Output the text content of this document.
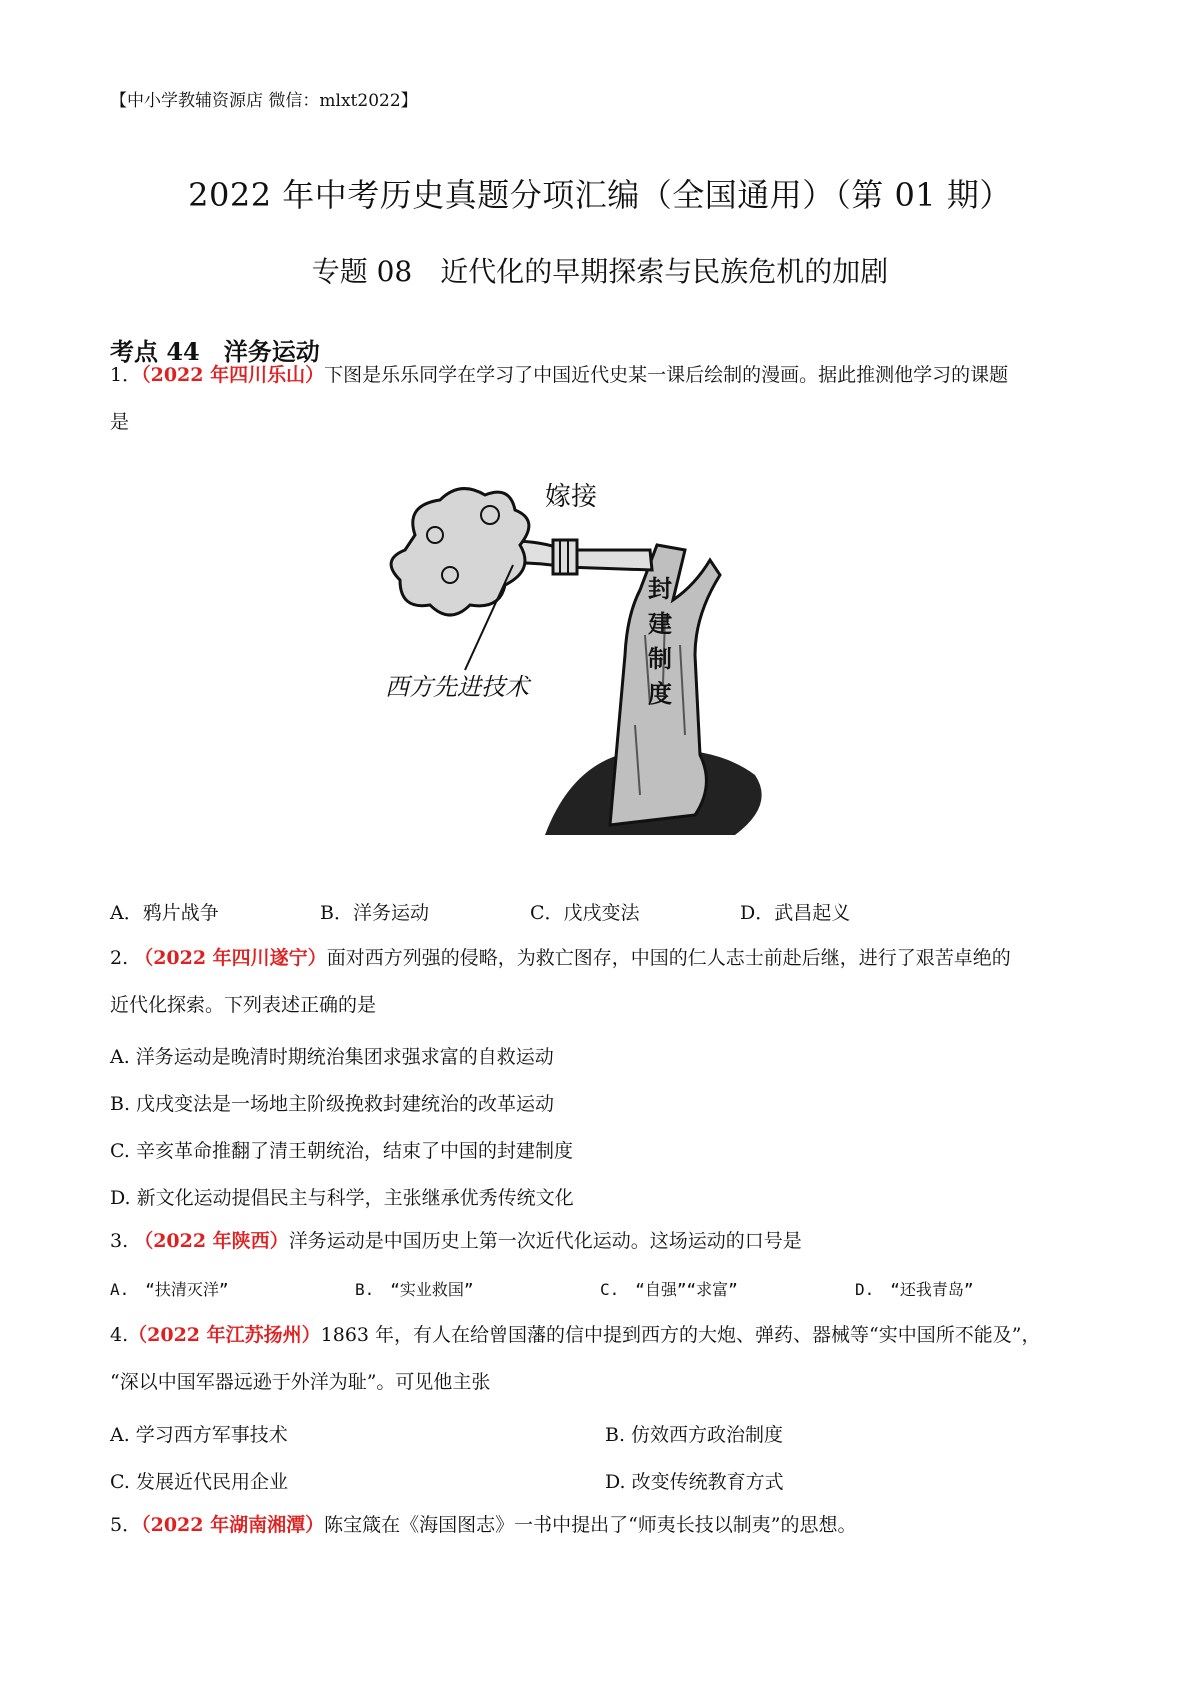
【中小学教辅资源店 微信：mlxt2022】
2022 年中考历史真题分项汇编（全国通用）（第 01 期）
专题 08　近代化的早期探索与民族危机的加剧
考点 44　洋务运动
1．（2022 年四川乐山）下图是乐乐同学在学习了中国近代史某一课后绘制的漫画。据此推测他学习的课题
是
嫁接
封
建
制
度
西方先进技术
A．鸦片战争	B．洋务运动	C．戊戌变法	D．武昌起义
2. （2022 年四川遂宁）面对西方列强的侵略，为救亡图存，中国的仁人志士前赴后继，进行了艰苦卓绝的
近代化探索。下列表述正确的是
A. 洋务运动是晚清时期统治集团求强求富的自救运动
B. 戊戌变法是一场地主阶级挽救封建统治的改革运动
C. 辛亥革命推翻了清王朝统治，结束了中国的封建制度
D. 新文化运动提倡民主与科学，主张继承优秀传统文化
3. （2022 年陕西）洋务运动是中国历史上第一次近代化运动。这场运动的口号是
A.　“扶清灭洋”	B.　“实业救国”	C.　“自强”“求富”	D.　“还我青岛”
4.（2022 年江苏扬州）1863 年，有人在给曾国藩的信中提到西方的大炮、弹药、器械等“实中国所不能及”，
“深以中国军器远逊于外洋为耻”。可见他主张
A. 学习西方军事技术	B. 仿效西方政治制度
C. 发展近代民用企业	D. 改变传统教育方式
5．（2022 年湖南湘潭）陈宝箴在《海国图志》一书中提出了“师夷长技以制夷”的思想。
